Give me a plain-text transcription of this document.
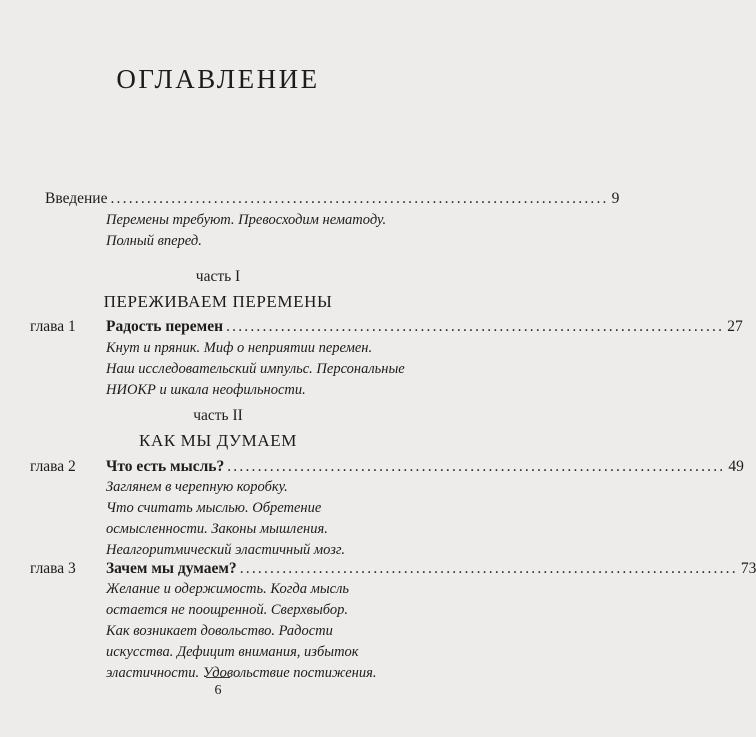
ОГЛАВЛЕНИЕ
Введение .................................................................................. 9
Перемены требуют. Превосходим нематоду.
Полный вперед.
часть I
ПЕРЕЖИВАЕМ ПЕРЕМЕНЫ
глава 1 Радость перемен .................................................................................. 27
Кнут и пряник. Миф о неприятии перемен.
Наш исследовательский импульс. Персональные
НИОКР и шкала неофильности.
часть II
КАК МЫ ДУМАЕМ
глава 2 Что есть мысль? .................................................................................. 49
Заглянем в черепную коробку.
Что считать мыслью. Обретение
осмысленности. Законы мышления.
Неалгоритмический эластичный мозг.
глава 3 Зачем мы думаем? .................................................................................. 73
Желание и одержимость. Когда мысль
остается не поощренной. Сверхвыбор.
Как возникает довольство. Радости
искусства. Дефицит внимания, избыток
эластичности. Удовольствие постижения.
6
